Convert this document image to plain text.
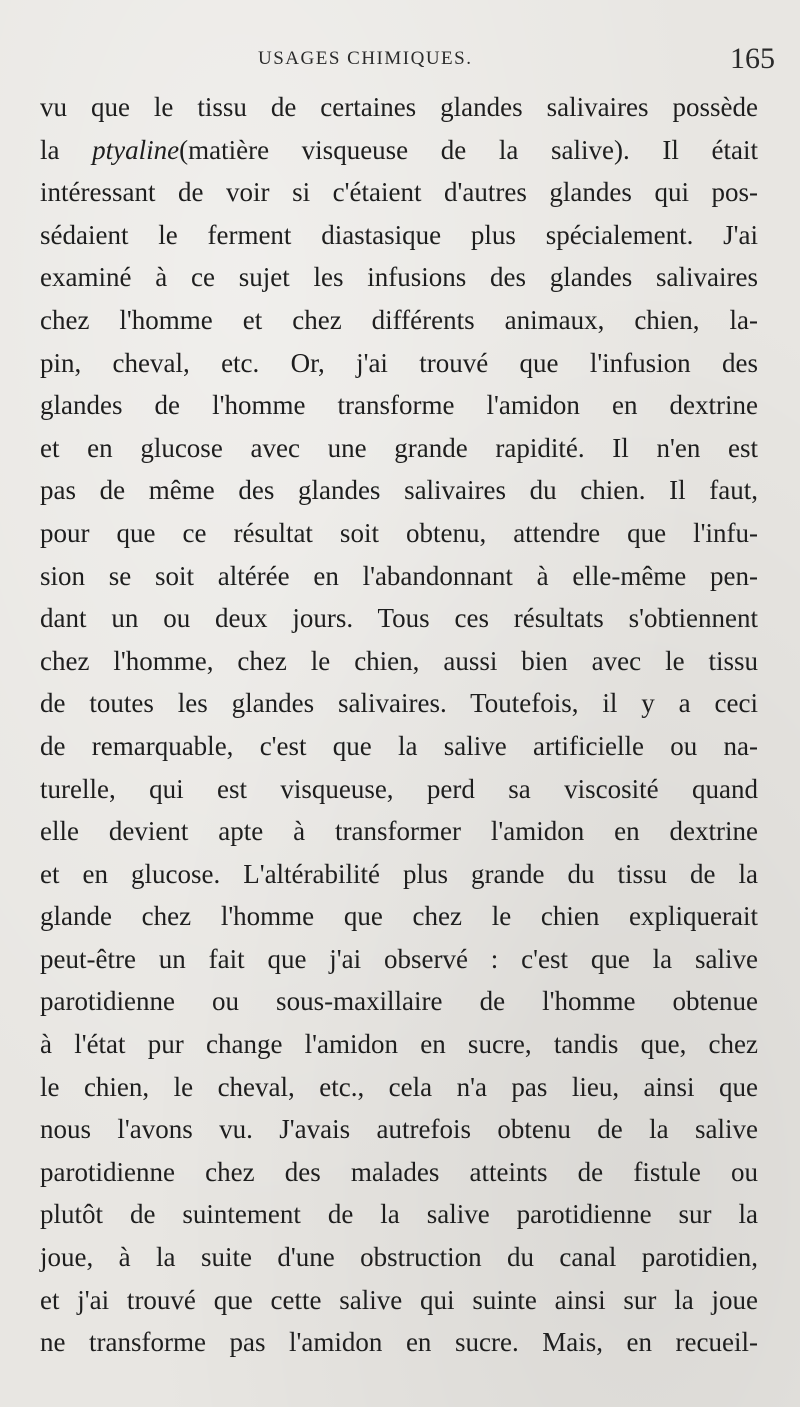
USAGES CHIMIQUES.	165
vu que le tissu de certaines glandes salivaires possède
la ptyaline(matière visqueuse de la salive). Il était
intéressant de voir si c'étaient d'autres glandes qui pos-
sédaient le ferment diastasique plus spécialement. J'ai
examiné à ce sujet les infusions des glandes salivaires
chez l'homme et chez différents animaux, chien, la-
pin, cheval, etc. Or, j'ai trouvé que l'infusion des
glandes de l'homme transforme l'amidon en dextrine
et en glucose avec une grande rapidité. Il n'en est
pas de même des glandes salivaires du chien. Il faut,
pour que ce résultat soit obtenu, attendre que l'infu-
sion se soit altérée en l'abandonnant à elle-même pen-
dant un ou deux jours. Tous ces résultats s'obtiennent
chez l'homme, chez le chien, aussi bien avec le tissu
de toutes les glandes salivaires. Toutefois, il y a ceci
de remarquable, c'est que la salive artificielle ou na-
turelle, qui est visqueuse, perd sa viscosité quand
elle devient apte à transformer l'amidon en dextrine
et en glucose. L'altérabilité plus grande du tissu de la
glande chez l'homme que chez le chien expliquerait
peut-être un fait que j'ai observé : c'est que la salive
parotidienne ou sous-maxillaire de l'homme obtenue
à l'état pur change l'amidon en sucre, tandis que, chez
le chien, le cheval, etc., cela n'a pas lieu, ainsi que
nous l'avons vu. J'avais autrefois obtenu de la salive
parotidienne chez des malades atteints de fistule ou
plutôt de suintement de la salive parotidienne sur la
joue, à la suite d'une obstruction du canal parotidien,
et j'ai trouvé que cette salive qui suinte ainsi sur la joue
ne transforme pas l'amidon en sucre. Mais, en recueil-
